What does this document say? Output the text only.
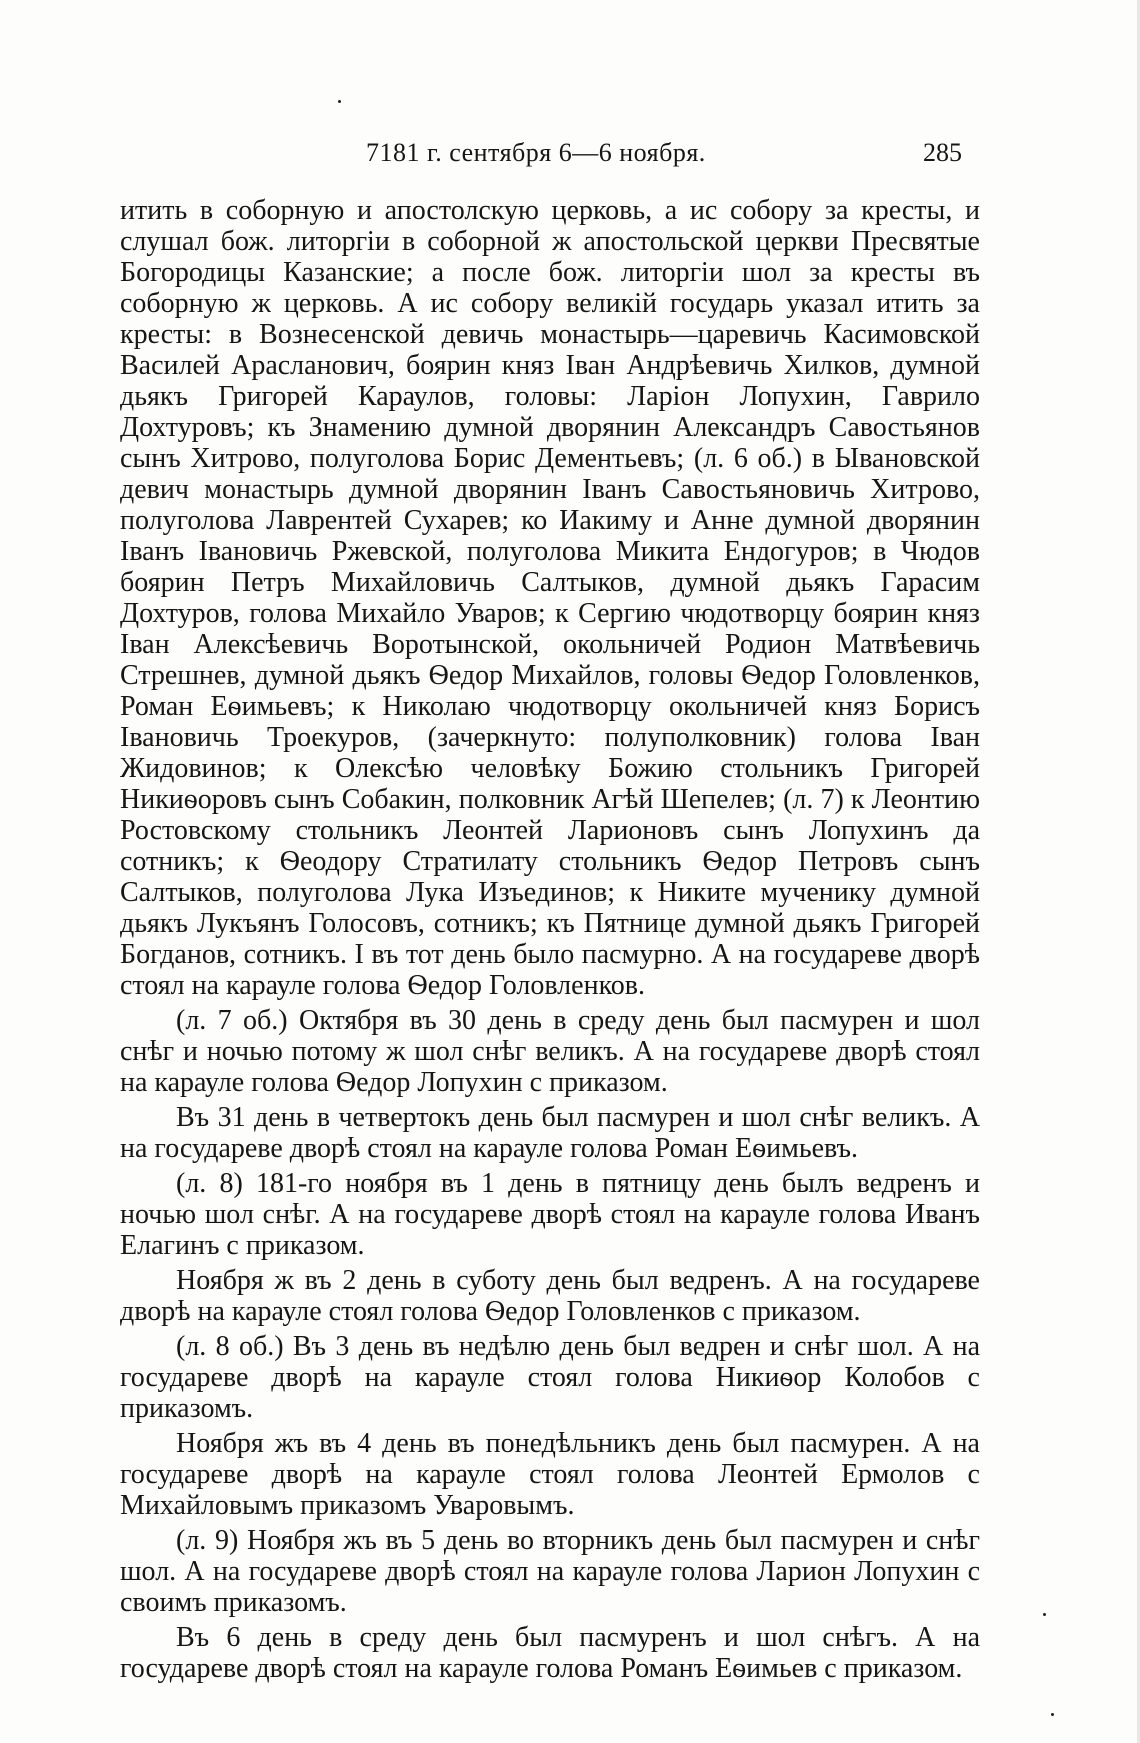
7181 г. сентября 6—6 ноября.	285

итить в соборную и апостолскую церковь, а ис собору за кресты, и слушал бож. литоргіи в соборной ж апостольской церкви Пресвятые Богородицы Казанские; а после бож. литоргіи шол за кресты въ соборную ж церковь. А ис собору великій государь указал итить за кресты: в Вознесенской девичь монастырь—царевичь Касимовской Василей Арасланович, боярин княз Іван Андрѣевичь Хилков, думной дьякъ Григорей Караулов, головы: Ларіон Лопухин, Гаврило Дохтуровъ; къ Знамению думной дворянин Александръ Савостьянов сынъ Хитрово, полуголова Борис Дементьевъ; (л. 6 об.) в Ывановской девич монастырь думной дворянин Іванъ Савостьяновичь Хитрово, полуголова Лаврентей Сухарев; ко Иакиму и Анне думной дворянин Іванъ Івановичь Ржевской, полуголова Микита Ендогуров; в Чюдов боярин Петръ Михайловичь Салтыков, думной дьякъ Гарасим Дохтуров, голова Михайло Уваров; к Сергию чюдотворцу боярин княз Іван Алексѣевичь Воротынской, окольничей Родион Матвѣевичь Стрешнев, думной дьякъ Ѳедор Михайлов, головы Ѳедор Головленков, Роман Еѳимьевъ; к Николаю чюдотворцу окольничей княз Борисъ Івановичь Троекуров, (зачеркнуто: полуполковник) голова Іван Жидовинов; к Олексѣю человѣку Божию стольникъ Григорей Никиѳоровъ сынъ Собакин, полковник Агѣй Шепелев; (л. 7) к Леонтию Ростовскому стольникъ Леонтей Ларионовъ сынъ Лопухинъ да сотникъ; к Ѳеодору Стратилату стольникъ Ѳедор Петровъ сынъ Салтыков, полуголова Лука Изъединов; к Никите мученику думной дьякъ Лукъянъ Голосовъ, сотникъ; къ Пятнице думной дьякъ Григорей Богданов, сотникъ. І въ тот день было пасмурно. А на государеве дворѣ стоял на карауле голова Ѳедор Головленков.

(л. 7 об.) Октября въ 30 день в среду день был пасмурен и шол снѣг и ночью потому ж шол снѣг великъ. А на государеве дворѣ стоял на карауле голова Ѳедор Лопухин с приказом.

Въ 31 день в четвертокъ день был пасмурен и шол снѣг великъ. А на государеве дворѣ стоял на карауле голова Роман Еѳимьевъ.

(л. 8) 181-го ноября въ 1 день в пятницу день былъ ведренъ и ночью шол снѣг. А на государеве дворѣ стоял на карауле голова Иванъ Елагинъ с приказом.

Ноября ж въ 2 день в суботу день был ведренъ. А на государеве дворѣ на карауле стоял голова Ѳедор Головленков с приказом.

(л. 8 об.) Въ 3 день въ недѣлю день был ведрен и снѣг шол. А на государеве дворѣ на карауле стоял голова Никиѳор Колобов с приказомъ.

Ноября жъ въ 4 день въ понедѣльникъ день был пасмурен. А на государеве дворѣ на карауле стоял голова Леонтей Ермолов с Михайловымъ приказомъ Уваровымъ.

(л. 9) Ноября жъ въ 5 день во вторникъ день был пасмурен и снѣг шол. А на государеве дворѣ стоял на карауле голова Ларион Лопухин с своимъ приказомъ.

Въ 6 день в среду день был пасмуренъ и шол снѣгъ. А на государеве дворѣ стоял на карауле голова Романъ Еѳимьев с приказом.
